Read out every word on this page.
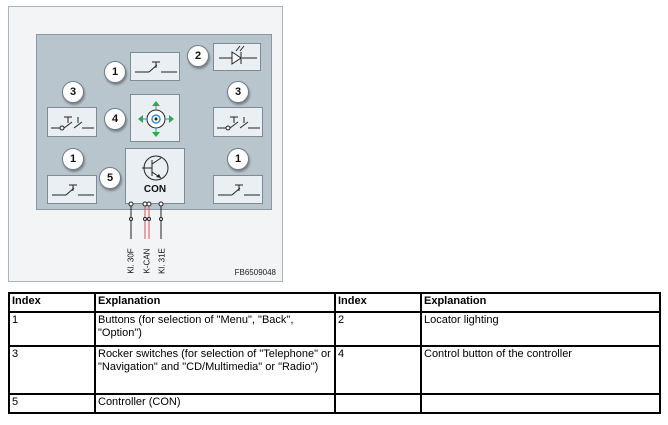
CON
1
2
3
4
3
1
5
1
Kl. 30F K-CAN Kl. 31E	FB6509048
Index	Explanation	Index	Explanation
1	Buttons (for selection of "Menu", "Back", "Option")	2	Locator lighting
3	Rocker switches (for selection of "Telephone" or "Navigation" and "CD/Multimedia" or "Radio")	4	Control button of the controller
5	Controller (CON)		
